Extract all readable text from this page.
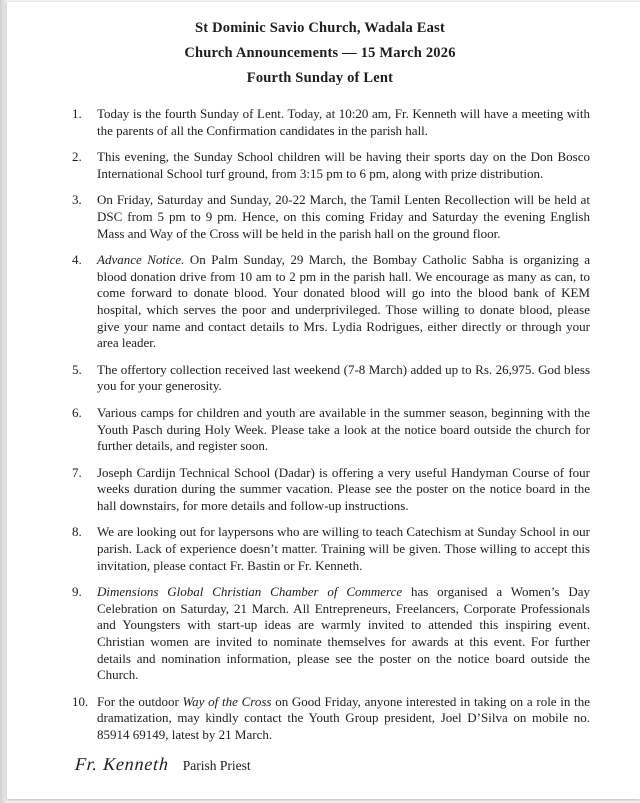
St Dominic Savio Church, Wadala East
Church Announcements — 15 March 2026
Fourth Sunday of Lent
1.	Today is the fourth Sunday of Lent. Today, at 10:20 am, Fr. Kenneth will have a meeting with the parents of all the Confirmation candidates in the parish hall.
2.	This evening, the Sunday School children will be having their sports day on the Don Bosco International School turf ground, from 3:15 pm to 6 pm, along with prize distribution.
3.	On Friday, Saturday and Sunday, 20-22 March, the Tamil Lenten Recollection will be held at DSC from 5 pm to 9 pm. Hence, on this coming Friday and Saturday the evening English Mass and Way of the Cross will be held in the parish hall on the ground floor.
4.	Advance Notice. On Palm Sunday, 29 March, the Bombay Catholic Sabha is organizing a blood donation drive from 10 am to 2 pm in the parish hall. We encourage as many as can, to come forward to donate blood. Your donated blood will go into the blood bank of KEM hospital, which serves the poor and underprivileged. Those willing to donate blood, please give your name and contact details to Mrs. Lydia Rodrigues, either directly or through your area leader.
5.	The offertory collection received last weekend (7-8 March) added up to Rs. 26,975. God bless you for your generosity.
6.	Various camps for children and youth are available in the summer season, beginning with the Youth Pasch during Holy Week. Please take a look at the notice board outside the church for further details, and register soon.
7.	Joseph Cardijn Technical School (Dadar) is offering a very useful Handyman Course of four weeks duration during the summer vacation. Please see the poster on the notice board in the hall downstairs, for more details and follow-up instructions.
8.	We are looking out for laypersons who are willing to teach Catechism at Sunday School in our parish. Lack of experience doesn’t matter. Training will be given. Those willing to accept this invitation, please contact Fr. Bastin or Fr. Kenneth.
9.	Dimensions Global Christian Chamber of Commerce has organised a Women’s Day Celebration on Saturday, 21 March. All Entrepreneurs, Freelancers, Corporate Professionals and Youngsters with start-up ideas are warmly invited to attended this inspiring event. Christian women are invited to nominate themselves for awards at this event. For further details and nomination information, please see the poster on the notice board outside the Church.
10. For the outdoor Way of the Cross on Good Friday, anyone interested in taking on a role in the dramatization, may kindly contact the Youth Group president, Joel D’Silva on mobile no. 85914 69149, latest by 21 March.
Fr. Kenneth Parish Priest
